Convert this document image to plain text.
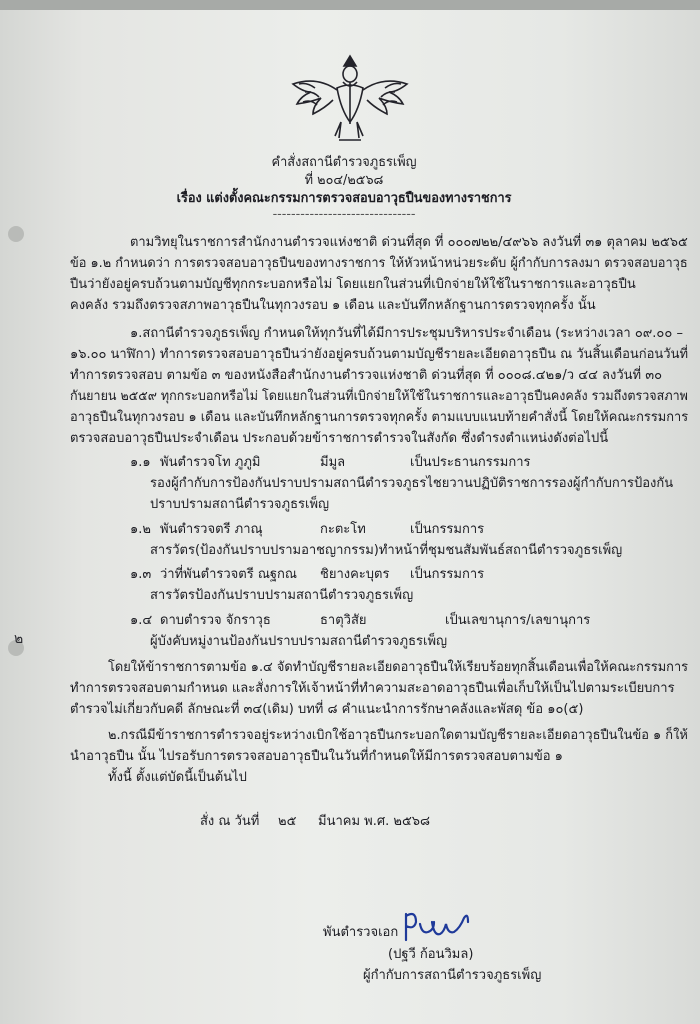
๒
คำสั่งสถานีตำรวจภูธรเพ็ญ
ที่ ๒๐๔/๒๕๖๘
เรื่อง แต่งตั้งคณะกรรมการตรวจสอบอาวุธปืนของทางราชการ
-------------------------------
ตามวิทยุในราชการสำนักงานตำรวจแห่งชาติ ด่วนที่สุด ที่ ๐๐๐๗๒๒/๔๙๖๖ ลงวันที่ ๓๑ ตุลาคม ๒๕๖๕
ข้อ ๑.๒ กำหนดว่า การตรวจสอบอาวุธปืนของทางราชการ ให้หัวหน้าหน่วยระดับ ผู้กำกับการลงมา ตรวจสอบอาวุธ
ปืนว่ายังอยู่ครบถ้วนตามบัญชีทุกกระบอกหรือไม่ โดยแยกในส่วนที่เบิกจ่ายให้ใช้ในราชการและอาวุธปืน
คงคลัง รวมถึงตรวจสภาพอาวุธปืนในทุกวงรอบ ๑ เดือน และบันทึกหลักฐานการตรวจทุกครั้ง นั้น
๑.สถานีตำรวจภูธรเพ็ญ กำหนดให้ทุกวันที่ได้มีการประชุมบริหารประจำเดือน (ระหว่างเวลา ๐๙.๐๐ –
๑๖.๐๐ นาฬิกา) ทำการตรวจสอบอาวุธปืนว่ายังอยู่ครบถ้วนตามบัญชีรายละเอียดอาวุธปืน ณ วันสิ้นเดือนก่อนวันที่
ทำการตรวจสอบ ตามข้อ ๓ ของหนังสือสำนักงานตำรวจแห่งชาติ ด่วนที่สุด ที่ ๐๐๐๘.๔๒๑/ว ๔๔ ลงวันที่ ๓๐
กันยายน ๒๕๕๙ ทุกกระบอกหรือไม่ โดยแยกในส่วนที่เบิกจ่ายให้ใช้ในราชการและอาวุธปืนคงคลัง รวมถึงตรวจสภาพ
อาวุธปืนในทุกวงรอบ ๑ เดือน และบันทึกหลักฐานการตรวจทุกครั้ง ตามแบบแนบท้ายคำสั่งนี้ โดยให้คณะกรรมการ
ตรวจสอบอาวุธปืนประจำเดือน ประกอบด้วยข้าราชการตำรวจในสังกัด ซึ่งดำรงตำแหน่งดังต่อไปนี้
๑.๑ พันตำรวจโท ภูภูมิ	มีมูล	เป็นประธานกรรมการ
รองผู้กำกับการป้องกันปราบปรามสถานีตำรวจภูธรไชยวานปฏิบัติราชการรองผู้กำกับการป้องกัน
ปราบปรามสถานีตำรวจภูธรเพ็ญ
๑.๒ พันตำรวจตรี ภาณุ	กะตะโท	เป็นกรรมการ
สารวัตร(ป้องกันปราบปรามอาชญากรรม)ทำหน้าที่ชุมชนสัมพันธ์สถานีตำรวจภูธรเพ็ญ
๑.๓ ว่าที่พันตำรวจตรี ณฐกณ ชิยางคะบุตร เป็นกรรมการ
สารวัตรป้องกันปราบปรามสถานีตำรวจภูธรเพ็ญ
๑.๔ ดาบตำรวจ จักราวุธ	ธาตุวิสัย	เป็นเลขานุการ/เลขานุการ
ผู้บังคับหมู่งานป้องกันปราบปรามสถานีตำรวจภูธรเพ็ญ
โดยให้ข้าราชการตามข้อ ๑.๔ จัดทำบัญชีรายละเอียดอาวุธปืนให้เรียบร้อยทุกสิ้นเดือนเพื่อให้คณะกรรมการ
ทำการตรวจสอบตามกำหนด และสั่งการให้เจ้าหน้าที่ทำความสะอาดอาวุธปืนเพื่อเก็บให้เป็นไปตามระเบียบการ
ตำรวจไม่เกี่ยวกับคดี ลักษณะที่ ๓๔(เดิม) บทที่ ๘ คำแนะนำการรักษาคลังและพัสดุ ข้อ ๑๐(๕)
๒.กรณีมีข้าราชการตำรวจอยู่ระหว่างเบิกใช้อาวุธปืนกระบอกใดตามบัญชีรายละเอียดอาวุธปืนในข้อ ๑ ก็ให้
นำอาวุธปืน นั้น ไปรอรับการตรวจสอบอาวุธปืนในวันที่กำหนดให้มีการตรวจสอบตามข้อ ๑
ทั้งนี้ ตั้งแต่บัดนี้เป็นต้นไป
สั่ง ณ วันที่ ๒๕ มีนาคม พ.ศ. ๒๕๖๘
พันตำรวจเอก
(ปฐวี ก้อนวิมล)
ผู้กำกับการสถานีตำรวจภูธรเพ็ญ
